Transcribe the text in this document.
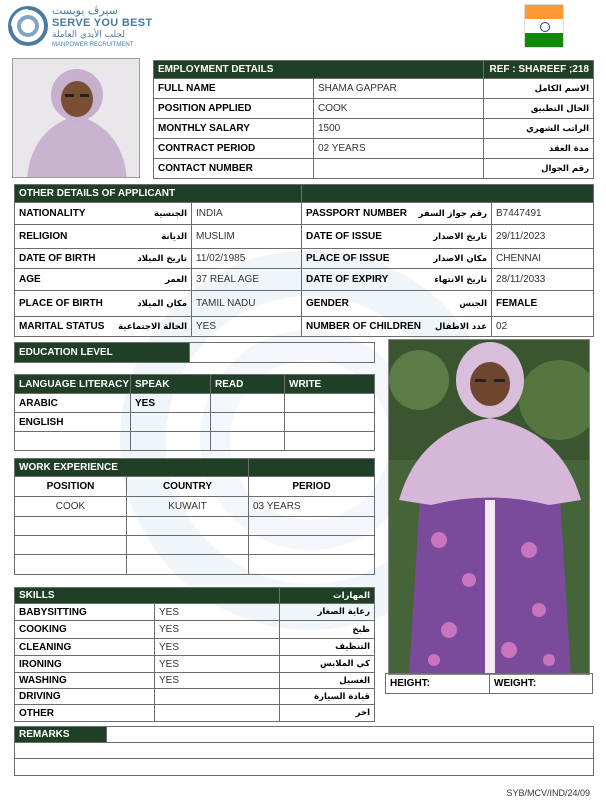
سيرڤ يوبست
SERVE YOU BEST
لجلب الأيدي العاملة
MANPOWER RECRUITMENT
EMPLOYMENT DETAILS		REF : SHAREEF ;218
FULL NAME	SHAMA GAPPAR	الاسم الكامل
POSITION APPLIED	COOK	الحال التطبيق
MONTHLY SALARY	1500	الراتب الشهري
CONTRACT PERIOD	02 YEARS	مدة العقد
CONTACT NUMBER		رقم الجوال
OTHER DETAILS OF APPLICANT			

NATIONALITY الجنسية	INDIA	PASSPORT NUMBER رقم جواز السفر	B7447491

RELIGION الديانة	MUSLIM	DATE OF ISSUE تاريخ الاصدار	29/11/2023

DATE OF BIRTH تاريخ الميلاد	11/02/1985	PLACE OF ISSUE مكان الاصدار	CHENNAI

AGE العمر	37 REAL AGE	DATE OF EXPIRY تاريخ الانتهاء	28/11/2033

PLACE OF BIRTH مكان الميلاد	TAMIL NADU	GENDER الجنس	FEMALE

MARITAL STATUS الحالة الاجتماعية	YES	NUMBER OF CHILDREN عدد الاطفال	02
EDUCATION LEVEL	
LANGUAGE LITERACY	SPEAK	READ	WRITE
ARABIC	YES		
ENGLISH			

WORK EXPERIENCE		
POSITION	COUNTRY	PERIOD
COOK	KUWAIT	03 YEARS

SKILLS		المهارات
BABYSITTING	YES	رعاية الصغار
COOKING	YES	طبخ
CLEANING	YES	التنظيف
IRONING	YES	كي الملابس
WASHING	YES	الغسيل
DRIVING		قيادة السيارة
OTHER		اخر
HEIGHT:	WEIGHT:
REMARKS	

SYB/MCV/IND/24/09
